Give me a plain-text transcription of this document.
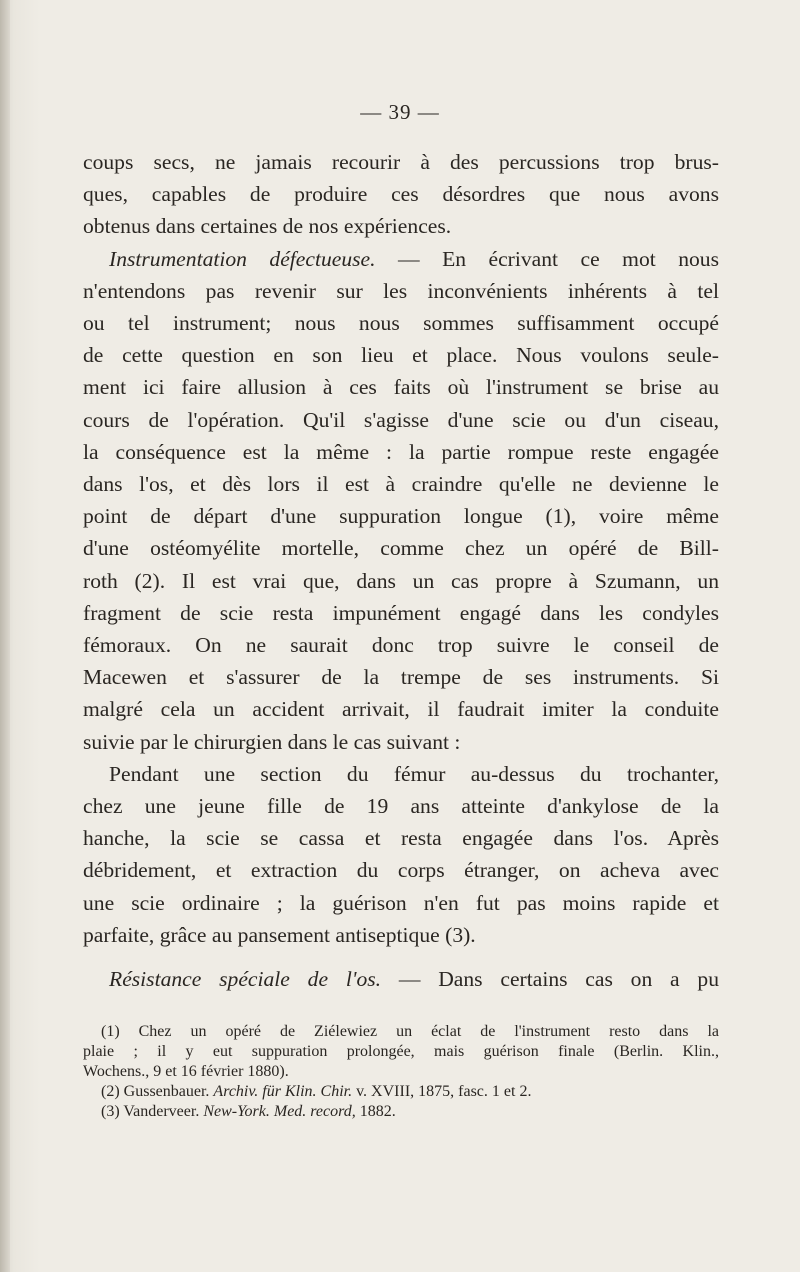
— 39 —
coups secs, ne jamais recourir à des percussions trop brus-
ques, capables de produire ces désordres que nous avons
obtenus dans certaines de nos expériences.
Instrumentation défectueuse. — En écrivant ce mot nous
n'entendons pas revenir sur les inconvénients inhérents à tel
ou tel instrument; nous nous sommes suffisamment occupé
de cette question en son lieu et place. Nous voulons seule-
ment ici faire allusion à ces faits où l'instrument se brise au
cours de l'opération. Qu'il s'agisse d'une scie ou d'un ciseau,
la conséquence est la même : la partie rompue reste engagée
dans l'os, et dès lors il est à craindre qu'elle ne devienne le
point de départ d'une suppuration longue (1), voire même
d'une ostéomyélite mortelle, comme chez un opéré de Bill-
roth (2). Il est vrai que, dans un cas propre à Szumann, un
fragment de scie resta impunément engagé dans les condyles
fémoraux. On ne saurait donc trop suivre le conseil de
Macewen et s'assurer de la trempe de ses instruments. Si
malgré cela un accident arrivait, il faudrait imiter la conduite
suivie par le chirurgien dans le cas suivant :
Pendant une section du fémur au-dessus du trochanter,
chez une jeune fille de 19 ans atteinte d'ankylose de la
hanche, la scie se cassa et resta engagée dans l'os. Après
débridement, et extraction du corps étranger, on acheva avec
une scie ordinaire ; la guérison n'en fut pas moins rapide et
parfaite, grâce au pansement antiseptique (3).
Résistance spéciale de l'os. — Dans certains cas on a pu
(1) Chez un opéré de Ziélewiez un éclat de l'instrument resto dans la
plaie ; il y eut suppuration prolongée, mais guérison finale (Berlin. Klin.,
Wochens., 9 et 16 février 1880).
(2) Gussenbauer. Archiv. für Klin. Chir. v. XVIII, 1875, fasc. 1 et 2.
(3) Vanderveer. New-York. Med. record, 1882.
